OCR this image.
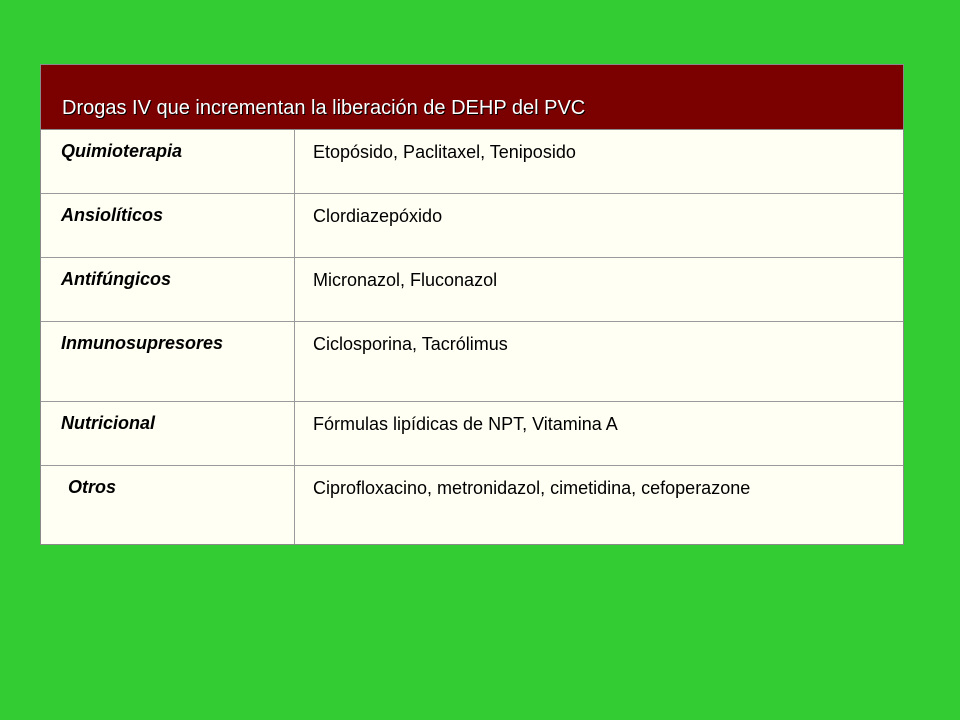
Drogas IV que incrementan la liberación de DEHP del PVC
Quimioterapia	Etopósido, Paclitaxel, Teniposido
Ansiolíticos	Clordiazepóxido
Antifúngicos	Micronazol, Fluconazol
Inmunosupresores	Ciclosporina, Tacrólimus
Nutricional	Fórmulas lipídicas de NPT, Vitamina A
Otros	Ciprofloxacino, metronidazol, cimetidina, cefoperazone
